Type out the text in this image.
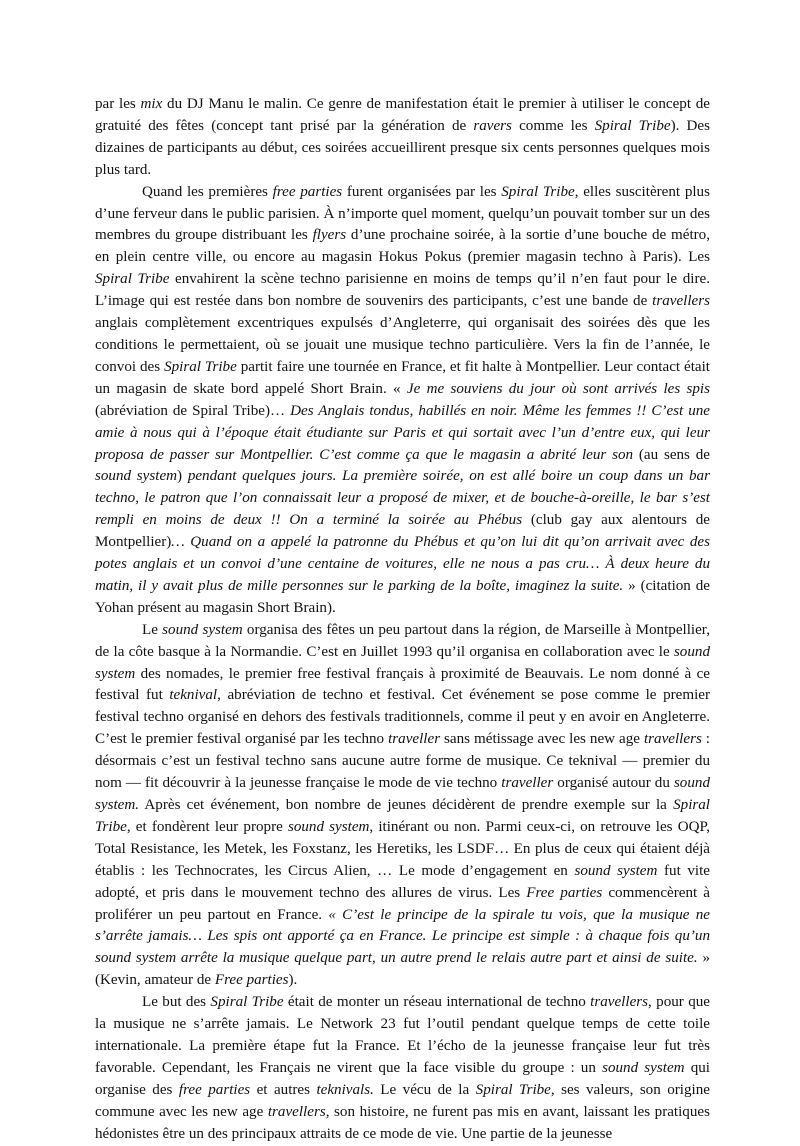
par les mix du DJ Manu le malin. Ce genre de manifestation était le premier à utiliser le concept de gratuité des fêtes (concept tant prisé par la génération de ravers comme les Spiral Tribe). Des dizaines de participants au début, ces soirées accueillirent presque six cents personnes quelques mois plus tard.

Quand les premières free parties furent organisées par les Spiral Tribe, elles suscitèrent plus d’une ferveur dans le public parisien. À n’importe quel moment, quelqu’un pouvait tomber sur un des membres du groupe distribuant les flyers d’une prochaine soirée, à la sortie d’une bouche de métro, en plein centre ville, ou encore au magasin Hokus Pokus (premier magasin techno à Paris). Les Spiral Tribe envahirent la scène techno parisienne en moins de temps qu’il n’en faut pour le dire. L’image qui est restée dans bon nombre de souvenirs des participants, c’est une bande de travellers anglais complètement excentriques expulsés d’Angleterre, qui organisait des soirées dès que les conditions le permettaient, où se jouait une musique techno particulière. Vers la fin de l’année, le convoi des Spiral Tribe partit faire une tournée en France, et fit halte à Montpellier. Leur contact était un magasin de skate bord appelé Short Brain. « Je me souviens du jour où sont arrivés les spis (abréviation de Spiral Tribe)… Des Anglais tondus, habillés en noir. Même les femmes !! C’est une amie à nous qui à l’époque était étudiante sur Paris et qui sortait avec l’un d’entre eux, qui leur proposa de passer sur Montpellier. C’est comme ça que le magasin a abrité leur son (au sens de sound system) pendant quelques jours. La première soirée, on est allé boire un coup dans un bar techno, le patron que l’on connaissait leur a proposé de mixer, et de bouche-à-oreille, le bar s’est rempli en moins de deux !! On a terminé la soirée au Phébus (club gay aux alentours de Montpellier)… Quand on a appelé la patronne du Phébus et qu’on lui dit qu’on arrivait avec des potes anglais et un convoi d’une centaine de voitures, elle ne nous a pas cru… À deux heure du matin, il y avait plus de mille personnes sur le parking de la boîte, imaginez la suite. » (citation de Yohan présent au magasin Short Brain).

Le sound system organisa des fêtes un peu partout dans la région, de Marseille à Montpellier, de la côte basque à la Normandie. C’est en Juillet 1993 qu’il organisa en collaboration avec le sound system des nomades, le premier free festival français à proximité de Beauvais. Le nom donné à ce festival fut teknival, abréviation de techno et festival. Cet événement se pose comme le premier festival techno organisé en dehors des festivals traditionnels, comme il peut y en avoir en Angleterre. C’est le premier festival organisé par les techno traveller sans métissage avec les new age travellers : désormais c’est un festival techno sans aucune autre forme de musique. Ce teknival — premier du nom — fit découvrir à la jeunesse française le mode de vie techno traveller organisé autour du sound system. Après cet événement, bon nombre de jeunes décidèrent de prendre exemple sur la Spiral Tribe, et fondèrent leur propre sound system, itinérant ou non. Parmi ceux-ci, on retrouve les OQP, Total Resistance, les Metek, les Foxstanz, les Heretiks, les LSDF… En plus de ceux qui étaient déjà établis : les Technocrates, les Circus Alien, … Le mode d’engagement en sound system fut vite adopté, et pris dans le mouvement techno des allures de virus. Les Free parties commencèrent à proliférer un peu partout en France. « C’est le principe de la spirale tu vois, que la musique ne s’arrête jamais… Les spis ont apporté ça en France. Le principe est simple : à chaque fois qu’un sound system arrête la musique quelque part, un autre prend le relais autre part et ainsi de suite. » (Kevin, amateur de Free parties).

Le but des Spiral Tribe était de monter un réseau international de techno travellers, pour que la musique ne s’arrête jamais. Le Network 23 fut l’outil pendant quelque temps de cette toile internationale. La première étape fut la France. Et l’écho de la jeunesse française leur fut très favorable. Cependant, les Français ne virent que la face visible du groupe : un sound system qui organise des free parties et autres teknivals. Le vécu de la Spiral Tribe, ses valeurs, son origine commune avec les new age travellers, son histoire, ne furent pas mis en avant, laissant les pratiques hédonistes être un des principaux attraits de ce mode de vie. Une partie de la jeunesse
